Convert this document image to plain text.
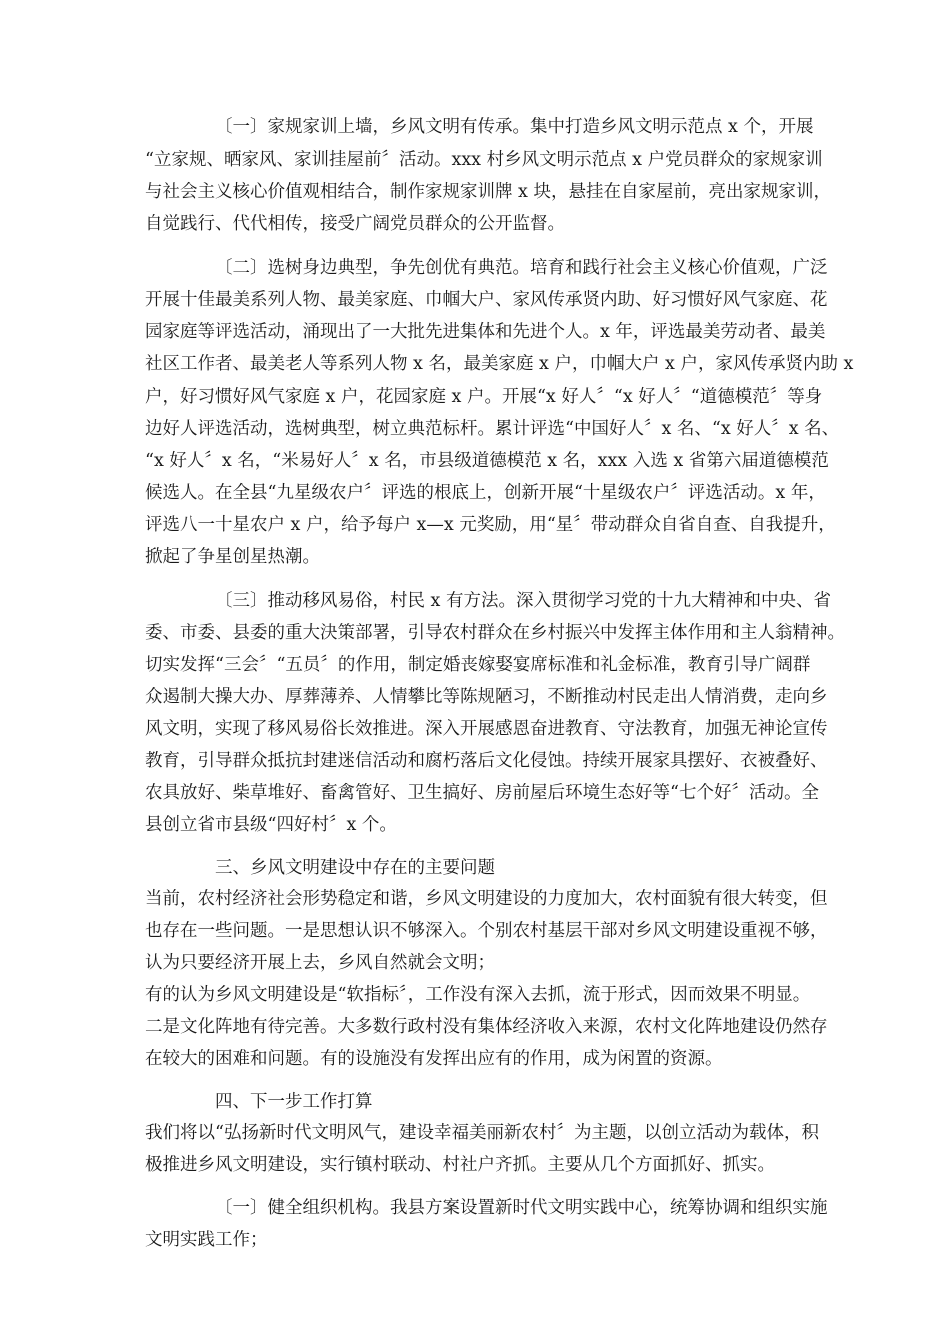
〔一〕家规家训上墙，乡风文明有传承。集中打造乡风文明示范点 x 个，开展
“立家规、晒家风、家训挂屋前〞活动。xxx 村乡风文明示范点 x 户党员群众的家规家训
与社会主义核心价值观相结合，制作家规家训牌 x 块，悬挂在自家屋前，亮出家规家训，
自觉践行、代代相传，接受广阔党员群众的公开监督。
〔二〕选树身边典型，争先创优有典范。培育和践行社会主义核心价值观，广泛
开展十佳最美系列人物、最美家庭、巾帼大户、家风传承贤内助、好习惯好风气家庭、花
园家庭等评选活动，涌现出了一大批先进集体和先进个人。x 年，评选最美劳动者、最美
社区工作者、最美老人等系列人物 x 名，最美家庭 x 户，巾帼大户 x 户，家风传承贤内助 x
户，好习惯好风气家庭 x 户，花园家庭 x 户。开展“x 好人〞“x 好人〞“道德模范〞等身
边好人评选活动，选树典型，树立典范标杆。累计评选“中国好人〞x 名、“x 好人〞x 名、
“x 好人〞x 名，“米易好人〞x 名，市县级道德模范 x 名，xxx 入选 x 省第六届道德模范
候选人。在全县“九星级农户〞评选的根底上，创新开展“十星级农户〞评选活动。x 年，
评选八一十星农户 x 户，给予每户 x—x 元奖励，用“星〞带动群众自省自查、自我提升，
掀起了争星创星热潮。
〔三〕推动移风易俗，村民 x 有方法。深入贯彻学习党的十九大精神和中央、省
委、市委、县委的重大決策部署，引导农村群众在乡村振兴中发挥主体作用和主人翁精神。
切实发挥“三会〞“五员〞的作用，制定婚丧嫁娶宴席标准和礼金标准，教育引导广阔群
众遏制大操大办、厚葬薄养、人情攀比等陈规陋习，不断推动村民走出人情消费，走向乡
风文明，实现了移风易俗长效推进。深入开展感恩奋进教育、守法教育，加强无神论宣传
教育，引导群众抵抗封建迷信活动和腐朽落后文化侵蚀。持续开展家具摆好、衣被叠好、
农具放好、柴草堆好、畜禽管好、卫生搞好、房前屋后环境生态好等“七个好〞活动。全
县创立省市县级“四好村〞x 个。
三、乡风文明建设中存在的主要问题
当前，农村经济社会形势稳定和谐，乡风文明建设的力度加大，农村面貌有很大转变，但
也存在一些问题。一是思想认识不够深入。个别农村基层干部对乡风文明建设重视不够，
认为只要经济开展上去，乡风自然就会文明；
有的认为乡风文明建设是“软指标〞，工作没有深入去抓，流于形式，因而效果不明显。
二是文化阵地有待完善。大多数行政村没有集体经济收入来源，农村文化阵地建设仍然存
在较大的困难和问题。有的设施没有发挥出应有的作用，成为闲置的资源。
四、下一步工作打算
我们将以“弘扬新时代文明风气，建设幸福美丽新农村〞为主题，以创立活动为载体，积
极推进乡风文明建设，实行镇村联动、村社户齐抓。主要从几个方面抓好、抓实。
〔一〕健全组织机构。我县方案设置新时代文明实践中心，统筹协调和组织实施
文明实践工作；
